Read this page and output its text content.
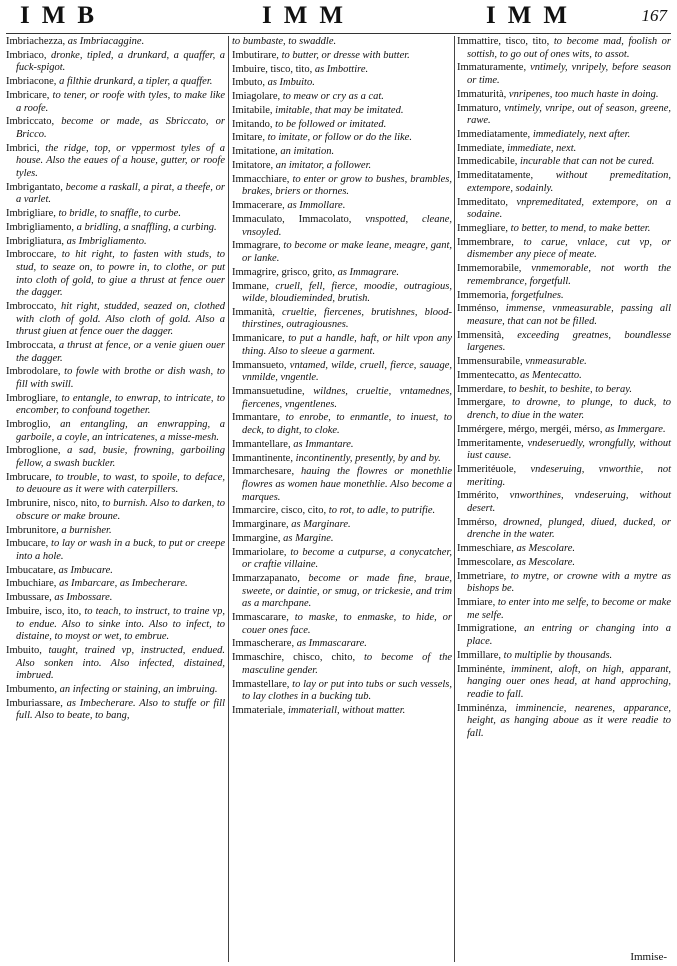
IMB	IMM	IMM	167

Imbriachezza, as Imbriacaggine.

Imbriaco, dronke, tipled, a drunkard, a quaffer, a fuck-spigot.

Imbriacone, a filthie drunkard, a tipler, a quaffer.

Imbricare, to tener, or roofe with tyles, to make like a roofe.

Imbriccato, become or made, as Sbriccato, or Bricco.

Imbrici, the ridge, top, or vppermost tyles of a house. Also the eaues of a house, gutter, or roofe tyles.

Imbrigantato, become a raskall, a pirat, a theefe, or a varlet.

Imbrigliare, to bridle, to snaffle, to curbe.

Imbrigliamento, a bridling, a snaffling, a curbing.

Imbrigliatura, as Imbrigliamento.

Imbroccare, to hit right, to fasten with studs, to stud, to seaze on, to powre in, to clothe, or put into cloth of gold, to giue a thrust at fence ouer the dagger.

Imbroccato, hit right, studded, seazed on, clothed with cloth of gold. Also cloth of gold. Also a thrust giuen at fence ouer the dagger.

Imbroccata, a thrust at fence, or a venie giuen ouer the dagger.

Imbrodolare, to fowle with brothe or dish wash, to fill with swill.

Imbrogliare, to entangle, to enwrap, to intricate, to encomber, to confound together.

Imbroglio, an entangling, an enwrapping, a garboile, a coyle, an intricatenes, a misse-mesh.

Imbroglione, a sad, busie, frowning, garboiling fellow, a swash buckler.

Imbrucare, to trouble, to wast, to spoile, to deface, to deuoure as it were with caterpillers.

Imbrunire, nisco, nito, to burnish. Also to darken, to obscure or make broune.

Imbrunitore, a burnisher.

Imbucare, to lay or wash in a buck, to put or creepe into a hole.

Imbucatare, as Imbucare.

Imbuchiare, as Imbarcare, as Imbecherare.

Imbussare, as Imbossare.

Imbuire, isco, ito, to teach, to instruct, to traine vp, to endue. Also to sinke into. Also to infect, to distaine, to moyst or wet, to embrue.

Imbuito, taught, trained vp, instructed, endued. Also sonken into. Also infected, distained, imbrued.

Imbumento, an infecting or staining, an imbruing.

Imburiassare, as Imbecherare. Also to stuffe or fill full. Also to beate, to bang,

to bumbaste, to swaddle.

Imbutirare, to butter, or dresse with butter.

Imbuire, tisco, tito, as Imbottire.

Imbuto, as Imbuito.

Imiagolare, to meaw or cry as a cat.

Imitabile, imitable, that may be imitated.

Imitando, to be followed or imitated.

Imitare, to imitate, or follow or do the like.

Imitatione, an imitation.

Imitatore, an imitator, a follower.

Immacchiare, to enter or grow to bushes, brambles, brakes, briers or thornes.

Immacerare, as Immollare.

Immaculato, Immacolato, vnspotted, cleane, vnsoyled.

Immagrare, to become or make leane, meagre, gant, or lanke.

Immagrire, grisco, grito, as Immagrare.

Immane, cruell, fell, fierce, moodie, outragious, wilde, bloudieminded, brutish.

Immanità, crueltie, fiercenes, brutishnes, blood-thirstines, outragiousnes.

Immanicare, to put a handle, haft, or hilt vpon any thing. Also to sleeue a garment.

Immansueto, vntamed, wilde, cruell, fierce, sauage, vnmilde, vngentle.

Immansuetudine, wildnes, crueltie, vntamednes, fiercenes, vngentlenes.

Immantare, to enrobe, to enmantle, to inuest, to deck, to dight, to cloke.

Immantellare, as Immantare.

Immantinente, incontinently, presently, by and by.

Immarchesare, hauing the flowres or monethlie flowres as women haue monethlie. Also become a marques.

Immarcire, cisco, cito, to rot, to adle, to putrifie.

Immarginare, as Marginare.

Immargine, as Margine.

Immariolare, to become a cutpurse, a conycatcher, or craftie villaine.

Immarzapanato, become or made fine, braue, sweete, or daintie, or smug, or trickesie, and trim as a marchpane.

Immascarare, to maske, to enmaske, to hide, or couer ones face.

Immascherare, as Immascarare.

Immaschire, chisco, chito, to become of the masculine gender.

Immastellare, to lay or put into tubs or such vessels, to lay clothes in a bucking tub.

Immateriale, immateriall, without matter.

Immattire, tisco, tito, to become mad, foolish or sottish, to go out of ones wits, to assot.

Immaturamente, vntimely, vnripely, before season or time.

Immaturità, vnripenes, too much haste in doing.

Immaturo, vntimely, vnripe, out of season, greene, rawe.

Immediatamente, immediately, next after.

Immediate, immediate, next.

Immedicabile, incurable that can not be cured.

Immeditatamente, without premeditation, extempore, sodainly.

Immeditato, vnpremeditated, extempore, on a sodaine.

Immegliare, to better, to mend, to make better.

Immembrare, to carue, vnlace, cut vp, or dismember any piece of meate.

Immemorabile, vnmemorable, not worth the remembrance, forgetfull.

Immemoria, forgetfulnes.

Imménso, immense, vnmeasurable, passing all measure, that can not be filled.

Immensità, exceeding greatnes, boundlesse largenes.

Immensurabile, vnmeasurable.

Immentecatto, as Mentecatto.

Immerdare, to beshit, to beshite, to beray.

Immergare, to drowne, to plunge, to duck, to drench, to diue in the water.

Immérgere, mérgo, mergéi, mérso, as Immergare.

Immeritamente, vndeseruedly, wrongfully, without iust cause.

Immeritéuole, vndeseruing, vnworthie, not meriting.

Immérito, vnworthines, vndeseruing, without desert.

Immérso, drowned, plunged, diued, ducked, or drenche in the water.

Immeschiare, as Mescolare.

Immescolare, as Mescolare.

Immetriare, to mytre, or crowne with a mytre as bishops be.

Immiare, to enter into me selfe, to become or make me selfe.

Immigratione, an entring or changing into a place.

Immillare, to multiplie by thousands.

Imminénte, imminent, aloft, on high, apparant, hanging ouer ones head, at hand approching, readie to fall.

Imminénza, imminencie, nearenes, apparance, height, as hanging aboue as it were readie to fall.

Immise-
